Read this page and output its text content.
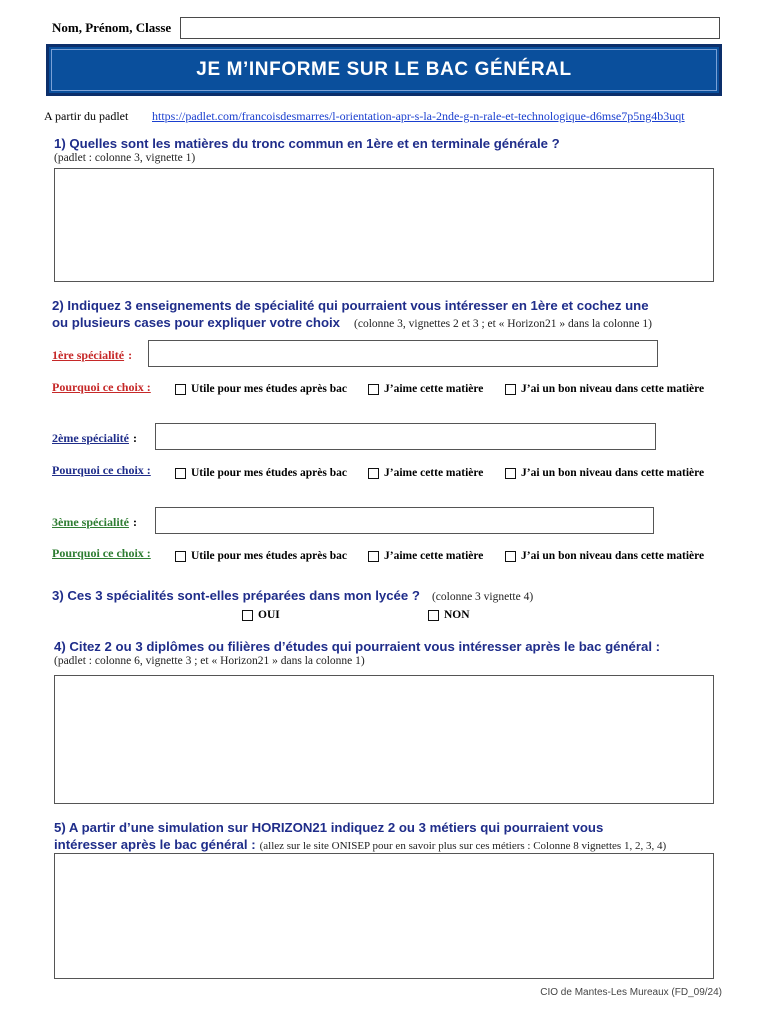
Nom, Prénom, Classe
JE M’INFORME SUR LE BAC GÉNÉRAL
A partir du padlet https://padlet.com/francoisdesmarres/l-orientation-apr-s-la-2nde-g-n-rale-et-technologique-d6mse7p5ng4b3uqt
1) Quelles sont les matières du tronc commun en 1ère et en terminale générale ?
(padlet : colonne 3, vignette 1)
2) Indiquez 3 enseignements de spécialité qui pourraient vous intéresser en 1ère et cochez une
ou plusieurs cases pour expliquer votre choix (colonne 3, vignettes 2 et 3 ; et « Horizon21 » dans la colonne 1)
1ère spécialité :
Pourquoi ce choix :	Utile pour mes études après bac	J’aime cette matière	J’ai un bon niveau dans cette matière
2ème spécialité :
Pourquoi ce choix :	Utile pour mes études après bac	J’aime cette matière	J’ai un bon niveau dans cette matière
3ème spécialité :
Pourquoi ce choix :	Utile pour mes études après bac	J’aime cette matière	J’ai un bon niveau dans cette matière
3) Ces 3 spécialités sont-elles préparées dans mon lycée ? (colonne 3 vignette 4)
OUI	NON
4) Citez 2 ou 3 diplômes ou filières d’études qui pourraient vous intéresser après le bac général :
(padlet : colonne 6, vignette 3 ; et « Horizon21 » dans la colonne 1)
5) A partir d’une simulation sur HORIZON21 indiquez 2 ou 3 métiers qui pourraient vous
intéresser après le bac général : (allez sur le site ONISEP pour en savoir plus sur ces métiers : Colonne 8 vignettes 1, 2, 3, 4)
CIO de Mantes-Les Mureaux (FD_09/24)
